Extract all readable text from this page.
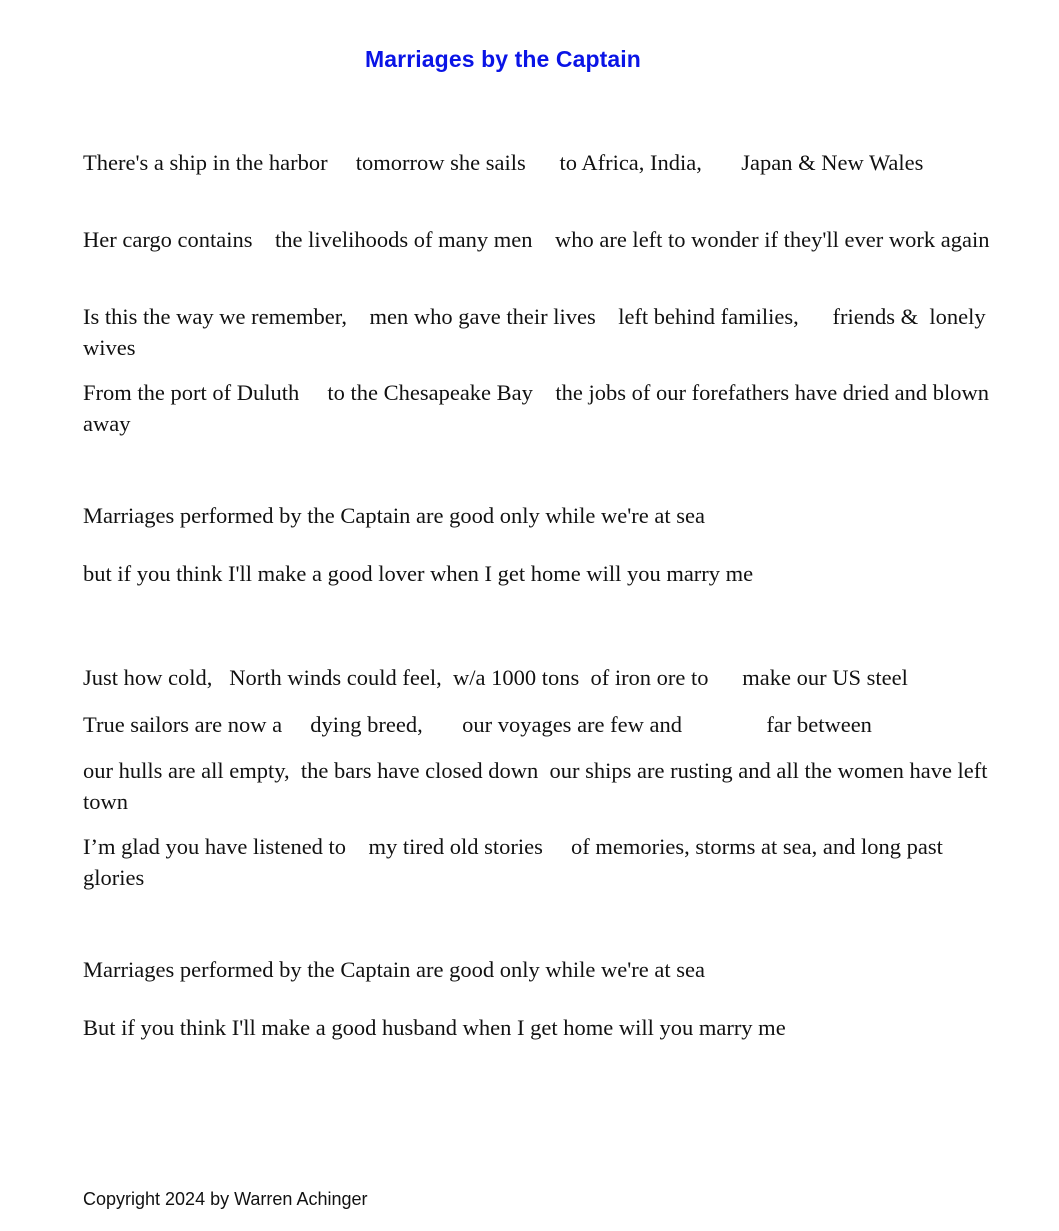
Marriages by the Captain
There's a ship in the harbor     tomorrow she sails      to Africa, India,       Japan & New Wales
Her cargo contains    the livelihoods of many men    who are left to wonder if they'll ever work again
Is this the way we remember,    men who gave their lives    left behind families,      friends &  lonely wives
From the port of Duluth     to the Chesapeake Bay    the jobs of our forefathers have dried and blown away
Marriages performed by the Captain are good only while we're at sea
but if you think I'll make a good lover when I get home will you marry me
Just how cold,   North winds could feel,  w/a 1000 tons  of iron ore to      make our US steel
True sailors are now a     dying breed,       our voyages are few and               far between
our hulls are all empty,  the bars have closed down  our ships are rusting and all the women have left town
I’m glad you have listened to    my tired old stories     of memories, storms at sea, and long past glories
Marriages performed by the Captain are good only while we're at sea
But if you think I'll make a good husband when I get home will you marry me
Copyright 2024 by Warren Achinger
